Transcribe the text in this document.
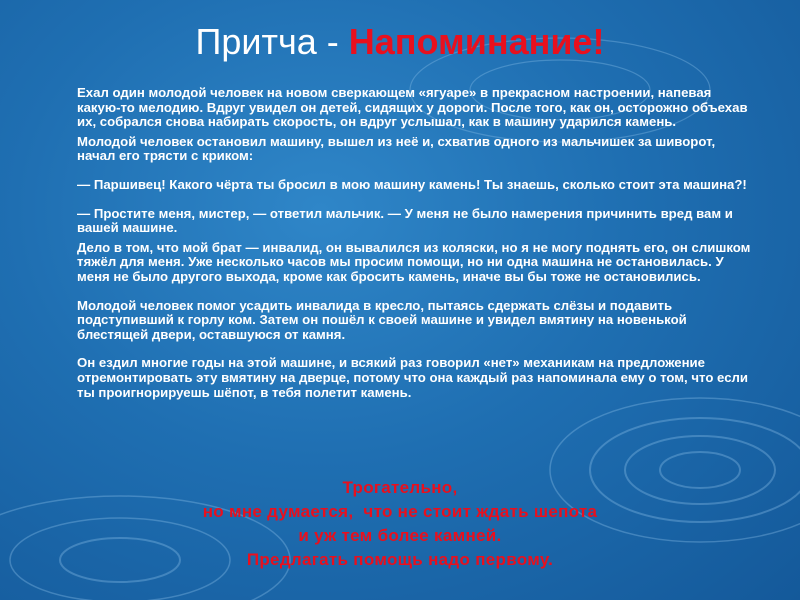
Притча - Напоминание!

Ехал один молодой человек на новом сверкающем «ягуаре» в прекрасном настроении, напевая какую-то мелодию. Вдруг увидел он детей, сидящих у дороги. После того, как он, осторожно объехав их, собрался снова набирать скорость, он вдруг услышал, как в машину ударился камень.

Молодой человек остановил машину, вышел из неё и, схватив одного из мальчишек за шиворот, начал его трясти с криком:

— Паршивец! Какого чёрта ты бросил в мою машину камень! Ты знаешь, сколько стоит эта машина?!

— Простите меня, мистер, — ответил мальчик. — У меня не было намерения причинить вред вам и вашей машине.

Дело в том, что мой брат — инвалид, он вывалился из коляски, но я не могу поднять его, он слишком тяжёл для меня. Уже несколько часов мы просим помощи, но ни одна машина не остановилась. У меня не было другого выхода, кроме как бросить камень, иначе вы бы тоже не остановились.

Молодой человек помог усадить инвалида в кресло, пытаясь сдержать слёзы и подавить подступивший к горлу ком. Затем он пошёл к своей машине и увидел вмятину на новенькой блестящей двери, оставшуюся от камня.

Он ездил многие годы на этой машине, и всякий раз говорил «нет» механикам на предложение отремонтировать эту вмятину на дверце, потому что она каждый раз напоминала ему о том, что если ты проигнорируешь шёпот, в тебя полетит камень.

Трогательно,
но мне думается,  что не стоит ждать шепота
и уж тем более камней.
Предлагать помощь надо первому.
